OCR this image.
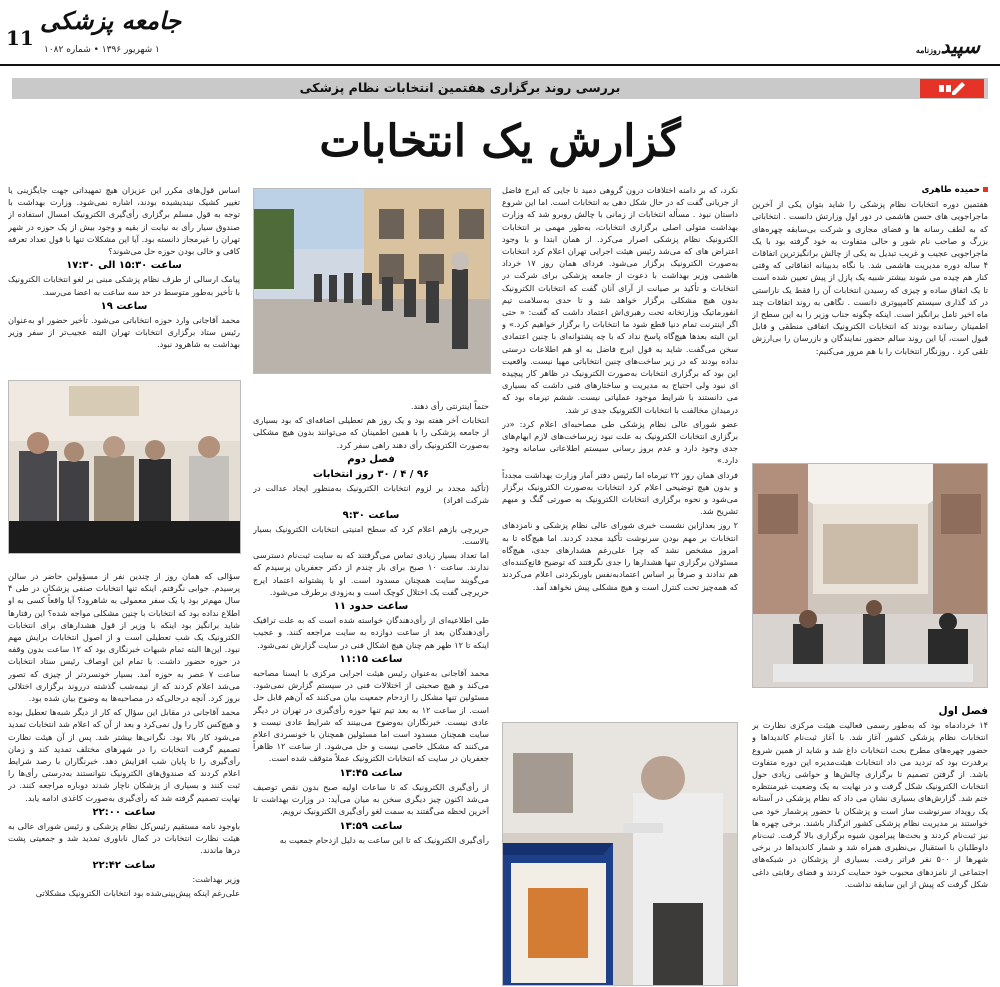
11
جامعه پزشکی
۱ شهریور ۱۳۹۶ • شماره ۱۰۸۲	سپیدروزنامه
بررسی روند برگزاری هفتمین انتخابات نظام پزشکی
گزارش یک انتخابات
حمیده طاهری

هفتمین دوره انتخابات نظام پزشکی را شاید بتوان یکی از آخرین ماجراجویی های حسن هاشمی در دور اول وزارتش دانست . انتخاباتی که به لطف رسانه ها و فضای مجازی و شرکت بی‌سابقه چهره‌های بزرگ و صاحب نام شور و حالی متفاوت به خود گرفته بود با یک ماجراجویی عجیب و غریب تبدیل به یکی از چالش برانگیزترین اتفاقات ۴ ساله دوره مدیریت هاشمی شد. با نگاه بدبینانه اتفاقاتی که وقتی کنار هم چیده می شوند بیشتر شبیه یک پازل از پیش تعیین شده است تا یک اتفاق ساده و چیزی که رسیدن انتخابات آن را فقط یک ناراستی در کد گذاری سیستم کامپیوتری دانست . نگاهی به روند اتفاقات چند ماه اخیر تامل برانگیز است. اینکه چگونه جناب وزیر را به این سطح از اطمینان رسانده بودند که انتخابات الکترونیک اتفاقی منطقی و قابل قبول است، آیا این روند سالم حضور نمایندگان و بازرسان را بی‌ارزش تلقی کرد . روزنگار انتخابات را با هم مرور می‌کنیم:

فصل اول

۱۴ خردادماه بود که به‌طور رسمی فعالیت هیئت مرکزی نظارت بر انتخابات نظام پزشکی کشور آغاز شد. با آغاز ثبت‌نام کاندیداها و حضور چهره‌های مطرح بحث انتخابات داغ شد و شاید از همین شروع برقدرت بود که تردید می داد انتخابات هیئت‌مدیره این دوره متفاوت باشد. از گرفتن تصمیم تا برگزاری چالش‌ها و حواشی زیادی حول انتخابات الکترونیک شکل گرفت و در نهایت به یک وضعیت غیرمنتظره ختم شد. گزارش‌های بسیاری نشان می داد که نظام پزشکی در آستانه یک رویداد سرنوشت ساز است و پزشکان با حضور پرشمار خود می خواستند بر مدیریت نظام پزشکی کشور اثرگذار باشند. برخی چهره ها نیز ثبت‌نام کردند و بحث‌ها پیرامون شیوه برگزاری بالا گرفت. ثبت‌نام داوطلبان با استقبال بی‌نظیری همراه شد و شمار کاندیداها در برخی شهرها از ۵۰۰ نفر فراتر رفت. بسیاری از پزشکان در شبکه‌های اجتماعی از نامزدهای محبوب خود حمایت کردند و فضای رقابتی داغی شکل گرفت که پیش از این سابقه نداشت.

نکرد، که بر دامنه اختلافات درون گروهی دمید تا جایی که ایرج فاضل از جریانی گفت که در حال شکل دهی به انتخابات است. اما این شروع داستان نبود . مسأله انتخابات از زمانی با چالش روبرو شد که وزارت بهداشت متولی اصلی برگزاری انتخابات، به‌طور مهمی بر انتخابات الکترونیک نظام پزشکی اصرار می‌کرد. از همان ابتدا و با وجود اعتراض های که می‌شد رئیس هیئت اجرایی تهران اعلام کرد انتخابات به‌صورت الکترونیک برگزار می‌شود. فردای همان روز ۱۷ خرداد هاشمی وزیر بهداشت با دعوت از جامعه پزشکی برای شرکت در انتخابات و تأکید بر صیانت از آرای آنان گفت که انتخابات الکترونیک بدون هیچ مشکلی برگزار خواهد شد و تا حدی به‌سلامت تیم انفورماتیک وزارتخانه تحت رهبری‌اش اعتماد داشت که گفت: « حتی اگر اینترنت تمام دنیا قطع شود ما انتخابات را برگزار خواهیم کرد.» و این البته بعدها هیچ‌گاه پاسخ نداد که با چه پشتوانه‌ای با چنین اعتمادی سخن می‌گفت. شاید به قول ایرج فاضل به او هم اطلاعات درستی نداده بودند که در زیر ساخت‌های چنین انتخاباتی مهیا نیست. واقعیت این بود که برگزاری انتخابات به‌صورت الکترونیک در ظاهر کار پیچیده ای نبود ولی احتیاج به مدیریت و ساختارهای فنی داشت که بسیاری می دانستند با شرایط موجود عملیاتی نیست. ششم تیرماه بود که درمیدان مخالفت با انتخابات الکترونیک جدی تر شد.

عضو شورای عالی نظام پزشکی طی مصاحبه‌ای اعلام کرد: «در برگزاری انتخابات الکترونیک به علت نبود زیرساخت‌های لازم ابهام‌های جدی وجود دارد و عدم بروز رسانی سیستم اطلاعاتی سامانه وجود دارد.»

فردای همان روز ۲۲ تیرماه اما رئیس دفتر آمار وزارت بهداشت مجدداً و بدون هیچ توضیحی اعلام کرد انتخابات به‌صورت الکترونیک برگزار می‌شود و نحوه برگزاری انتخابات الکترونیک به صورتی گنگ و مبهم تشریح شد.

۲ روز بعدازاین نشست خبری شورای عالی نظام پزشکی و نامزدهای انتخابات بر مهم بودن سرنوشت تأکید مجدد کردند. اما هیچ‌گاه تا به امروز مشخص نشد که چرا علی‌رغم هشدارهای جدی، هیچ‌گاه مسئولان برگزاری تنها هشدارها را جدی نگرفتند که توضیح قانع‌کننده‌ای هم ندادند و صرفاً بر اساس اعتمادبه‌نفس باورنکردنی اعلام می‌کردند که همه‌چیز تحت کنترل است و هیچ مشکلی پیش نخواهد آمد.

حتماً اینترنتی رأی دهند.

انتخابات آخر هفته بود و یک روز هم تعطیلی اضافه‌ای که بود بسیاری از جامعه پزشکی را با همین اطمینان که می‌توانند بدون هیچ مشکلی به‌صورت الکترونیک رأی دهند راهی سفر کرد.

فصل دوم
۹۶ / ۴ / ۳۰ روز انتخابات

(تأکید مجدد بر لزوم انتخابات الکترونیک به‌منظور ایجاد عدالت در شرکت افراد)

ساعت ۹:۳۰

حریرچی بازهم اعلام کرد که سطح امنیتی انتخابات الکترونیک بسیار بالاست.

اما تعداد بسیار زیادی تماس می‌گرفتند که به سایت ثبت‌نام دسترسی ندارند. ساعت ۱۰ صبح برای بار چندم از دکتر جعفریان پرسیدم که می‌گویند سایت همچنان مسدود است. او با پشتوانه اعتماد ایرج حریرچی گفت یک اختلال کوچک است و به‌زودی برطرف می‌شود.

ساعت حدود ۱۱

طی اطلاعیه‌ای از رأی‌دهندگان خواسته شده است که به علت ترافیک رأی‌دهندگان بعد از ساعت دوازده به سایت مراجعه کنند. و عجیب اینکه تا ۱۲ ظهر هم چنان هیچ اشکال فنی در سایت گزارش نمی‌شود.

ساعت ۱۱:۱۵

محمد آقاجانی به‌عنوان رئیس هیئت اجرایی مرکزی با ایسنا مصاحبه می‌کند و هیچ صحبتی از اختلالات فنی در سیستم گزارش نمی‌شود. مسئولین تنها مشکل را ازدحام جمعیت بیان می‌کنند که آن‌هم قابل حل است. از ساعت ۱۲ به بعد تیم تنها حوزه رأی‌گیری در تهران در دیگر عادی نیست. خبرنگاران به‌وضوح می‌بینند که شرایط عادی نیست و سایت همچنان مسدود است اما مسئولین همچنان با خونسردی اعلام می‌کنند که مشکل خاصی نیست و حل می‌شود. از ساعت ۱۲ ظاهراً جعفریان در سایت که انتخابات الکترونیک عملاً متوقف شده است.

ساعت ۱۳:۴۵

از رأی‌گیری الکترونیک که تا ساعات اولیه صبح بدون نقص توصیف می‌شد اکنون چیز دیگری سخن به میان می‌آید: در وزارت بهداشت تا آخرین لحظه می‌گفتند به سمت لغو رأی‌گیری الکترونیک نرویم.

ساعت ۱۳:۵۹

رأی‌گیری الکترونیک که تا این ساعت به دلیل ازدحام جمعیت به

اساس قول‌های مکرر این عزیزان هیچ تمهیداتی جهت جایگزینی یا تغییر کشیک نیندیشیده بودند، اشاره نمی‌شود. وزارت بهداشت با توجه به قول مسلم برگزاری رأی‌گیری الکترونیک امسال استفاده از صندوق سیار رأی به نیابت از بقیه و وجود بیش از یک حوزه در شهر تهران را غیرمجاز دانسته بود. آیا این مشکلات تنها با قول تعداد تعرفه کافی و خالی بودن حوزه حل می‌شوند؟

ساعت ۱۵:۳۰ الی ۱۷:۳۰

پیامک ارسالی از طرف نظام پزشکی مبنی بر لغو انتخابات الکترونیک با تأخیر به‌طور متوسط در حد سه ساعت به اعضا می‌رسد.

ساعت ۱۹

محمد آقاجانی وارد حوزه انتخاباتی می‌شود. تأخیر حضور او به‌عنوان رئیس ستاد برگزاری انتخابات تهران البته عجیب‌تر از سفر وزیر بهداشت به شاهرود نبود.

سؤالی که همان روز از چندین نفر از مسؤولین حاضر در سالن پرسیدم. جوابی نگرفتم. اینکه تنها انتخابات صنفی پزشکان در طی ۴ سال مهم‌تر بود یا یک سفر معمولی به شاهرود؟ آیا واقعاً کسی به او اطلاع نداده بود که انتخابات با چنین مشکلی مواجه شده؟ این رفتارها شاید برانگیز بود اینکه با وزیر از قول هشدارهای برای انتخابات الکترونیک یک شب تعطیلی است و از اصول انتخابات برایش مهم نبود. این‌ها البته تمام شبهات خبرنگاری بود که ۱۲ ساعت بدون وقفه در حوزه حضور داشت. با تمام این اوصاف رئیس ستاد انتخابات ساعت ۷ عصر به حوزه آمد. بسیار خونسردتر از چیزی که تصور می‌شد اعلام کردند که از نیمه‌شب گذشته درروند برگزاری اختلالی بروز کرد. آنچه درحالی‌که در مصاحبه‌ها به وضوح بیان شده بود.

محمد آقاجانی در مقابل این سؤال که کار از دیگر شبه‌ها تعطیل بوده و هیچ‌کس کار را ول نمی‌کرد و بعد از آن که اعلام شد انتخابات تمدید می‌شود کار بالا بود. نگرانی‌ها بیشتر شد. پس از آن هیئت نظارت تصمیم گرفت انتخابات را در شهرهای مختلف تمدید کند و زمان رأی‌گیری را تا پایان شب افزایش دهد. خبرنگاران با رصد شرایط اعلام کردند که صندوق‌های الکترونیک نتوانستند به‌درستی رأی‌ها را ثبت کنند و بسیاری از پزشکان ناچار شدند دوباره مراجعه کنند. در نهایت تصمیم گرفته شد که رأی‌گیری به‌صورت کاغذی ادامه یابد.

ساعت ۲۲:۰۰

باوجود نامه مستقیم رئیس‌کل نظام پزشکی و رئیس شورای عالی به هیئت نظارت انتخابات در کمال ناباوری تمدید شد و جمعیتی پشت درها ماندند.

ساعت ۲۲:۴۲

وزیر بهداشت:

علی‌رغم اینکه پیش‌بینی‌شده بود انتخابات الکترونیک مشکلاتی
